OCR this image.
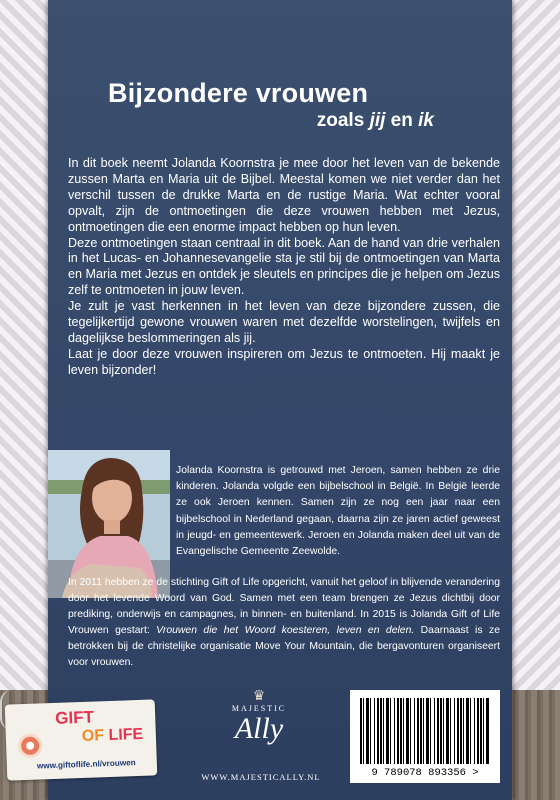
Bijzondere vrouwen
zoals jij en ik

In dit boek neemt Jolanda Koornstra je mee door het leven van de bekende zussen Marta en Maria uit de Bijbel. Meestal komen we niet verder dan het verschil tussen de drukke Marta en de rustige Maria. Wat echter vooral opvalt, zijn de ontmoetingen die deze vrouwen hebben met Jezus, ontmoetingen die een enorme impact hebben op hun leven.

Deze ontmoetingen staan centraal in dit boek. Aan de hand van drie verhalen in het Lucas- en Johannesevangelie sta je stil bij de ontmoetingen van Marta en Maria met Jezus en ontdek je sleutels en principes die je helpen om Jezus zelf te ontmoeten in jouw leven.

Je zult je vast herkennen in het leven van deze bijzondere zussen, die tegelijkertijd gewone vrouwen waren met dezelfde worstelingen, twijfels en dagelijkse beslommeringen als jij.

Laat je door deze vrouwen inspireren om Jezus te ontmoeten. Hij maakt je leven bijzonder!

Jolanda Koornstra is getrouwd met Jeroen, samen hebben ze drie kinderen. Jolanda volgde een bijbelschool in België. In België leerde ze ook Jeroen kennen. Samen zijn ze nog een jaar naar een bijbelschool in Nederland gegaan, daarna zijn ze jaren actief geweest in jeugd- en gemeentewerk. Jeroen en Jolanda maken deel uit van de Evangelische Gemeente Zeewolde.

In 2011 hebben ze de stichting Gift of Life opgericht, vanuit het geloof in blijvende verandering door het levende Woord van God. Samen met een team brengen ze Jezus dichtbij door prediking, onderwijs en campagnes, in binnen- en buitenland. In 2015 is Jolanda Gift of Life Vrouwen gestart: Vrouwen die het Woord koesteren, leven en delen. Daarnaast is ze betrokken bij de christelijke organisatie Move Your Mountain, die bergavonturen organiseert voor vrouwen.

♛
MAJESTIC
Ally
WWW.MAJESTICALLY.NL	9 789078 893356 >
GIFT
OF LIFE
www.giftoflife.nl/vrouwen
